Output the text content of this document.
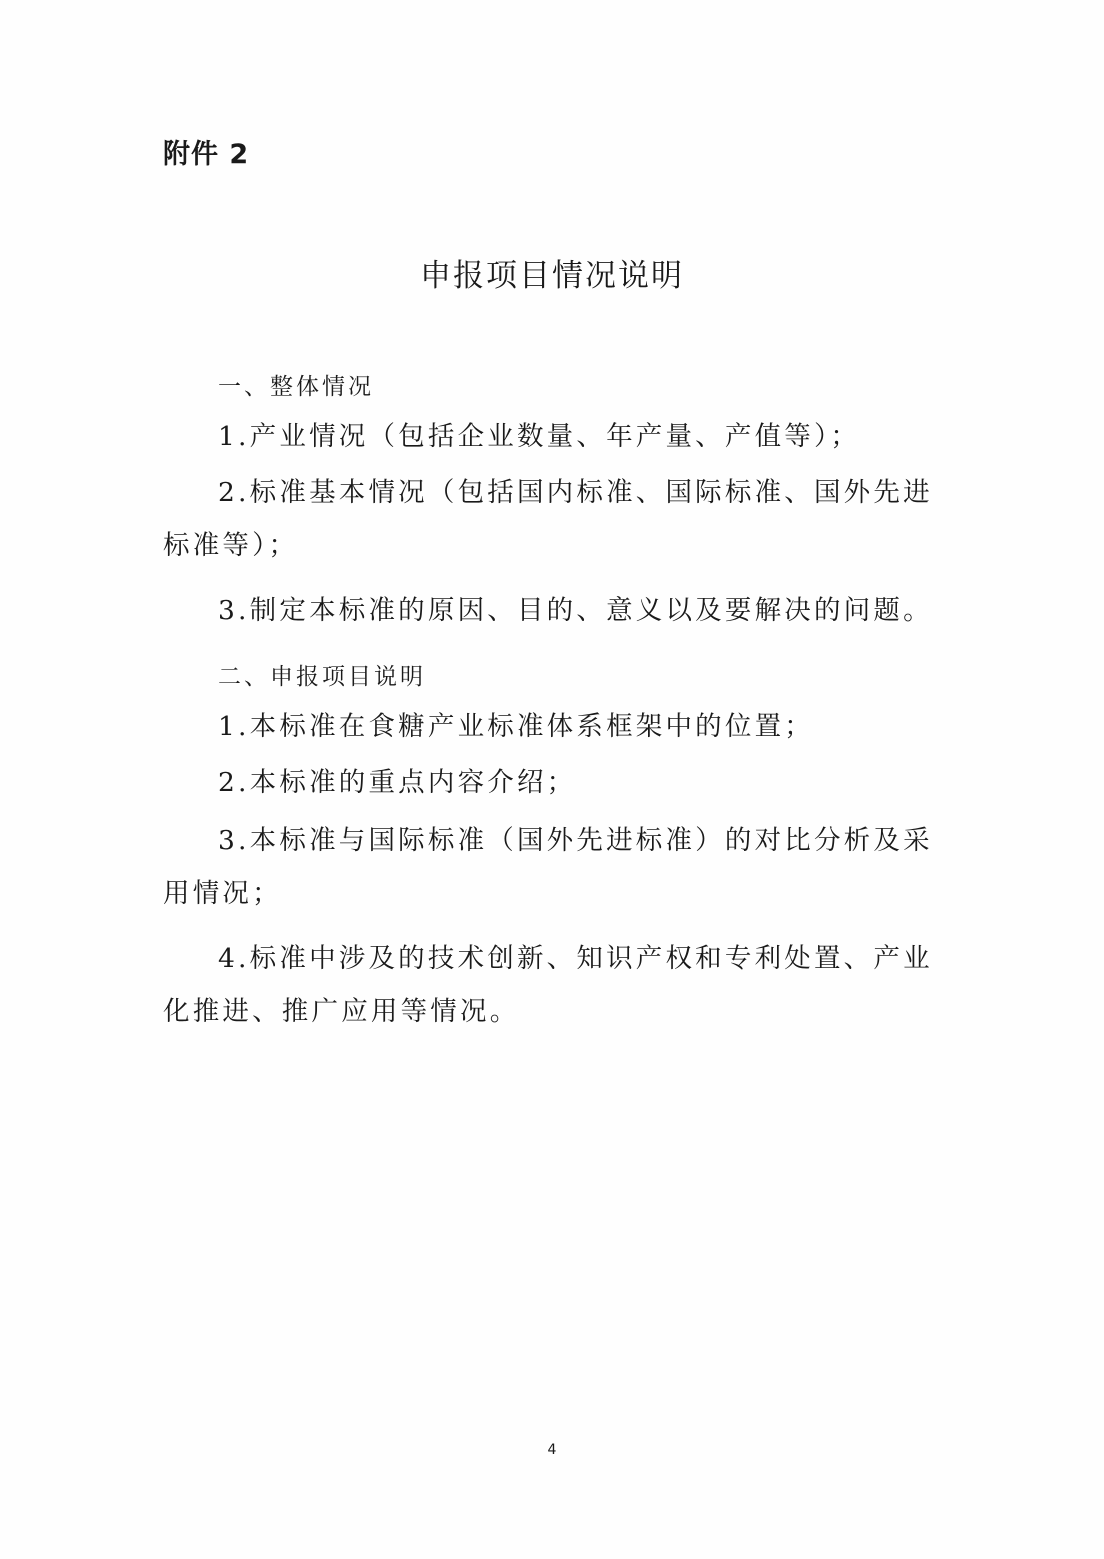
附件 2
申报项目情况说明
一、整体情况

1.产业情况（包括企业数量、年产量、产值等）；

2.标准基本情况（包括国内标准、国际标准、国外先进标准等）；

3.制定本标准的原因、目的、意义以及要解决的问题。

二、申报项目说明

1.本标准在食糖产业标准体系框架中的位置；

2.本标准的重点内容介绍；

3.本标准与国际标准（国外先进标准）的对比分析及采用情况；

4.标准中涉及的技术创新、知识产权和专利处置、产业化推进、推广应用等情况。

4
